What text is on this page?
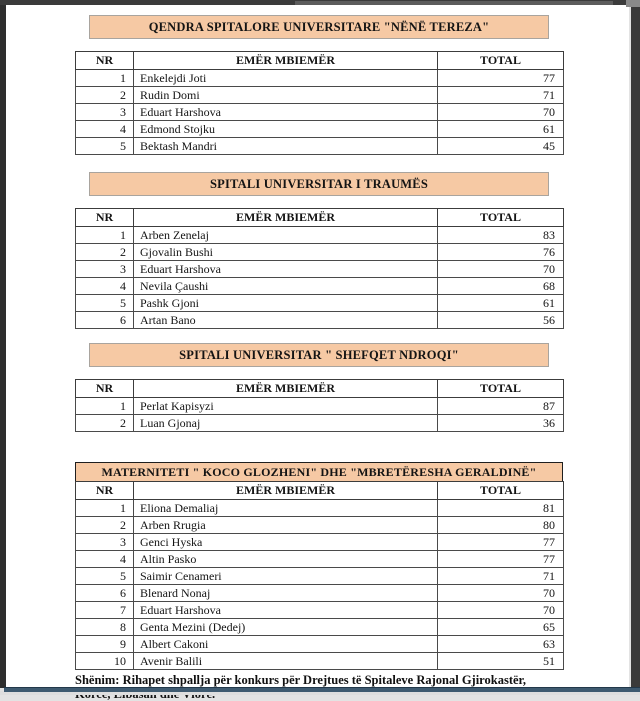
QENDRA SPITALORE UNIVERSITARE "NËNË TEREZA"
NR	EMËR MBIEMËR	TOTAL
1	Enkelejdi Joti	77
2	Rudin Domi	71
3	Eduart Harshova	70
4	Edmond Stojku	61
5	Bektash Mandri	45
SPITALI UNIVERSITAR I TRAUMËS
NR	EMËR MBIEMËR	TOTAL
1	Arben Zenelaj	83
2	Gjovalin Bushi	76
3	Eduart Harshova	70
4	Nevila Çaushi	68
5	Pashk Gjoni	61
6	Artan Bano	56
SPITALI UNIVERSITAR " SHEFQET NDROQI"
NR	EMËR MBIEMËR	TOTAL
1	Perlat Kapisyzi	87
2	Luan Gjonaj	36
MATERNITETI " KOCO GLOZHENI" DHE "MBRETËRESHA GERALDINË"
NR	EMËR MBIEMËR	TOTAL
1	Eliona Demaliaj	81
2	Arben Rrugia	80
3	Genci Hyska	77
4	Altin Pasko	77
5	Saimir Cenameri	71
6	Blenard Nonaj	70
7	Eduart Harshova	70
8	Genta Mezini (Dedej)	65
9	Albert Cakoni	63
10	Avenir Balili	51
Shënim: Rihapet shpallja për konkurs për Drejtues të Spitaleve Rajonal Gjirokastër,
